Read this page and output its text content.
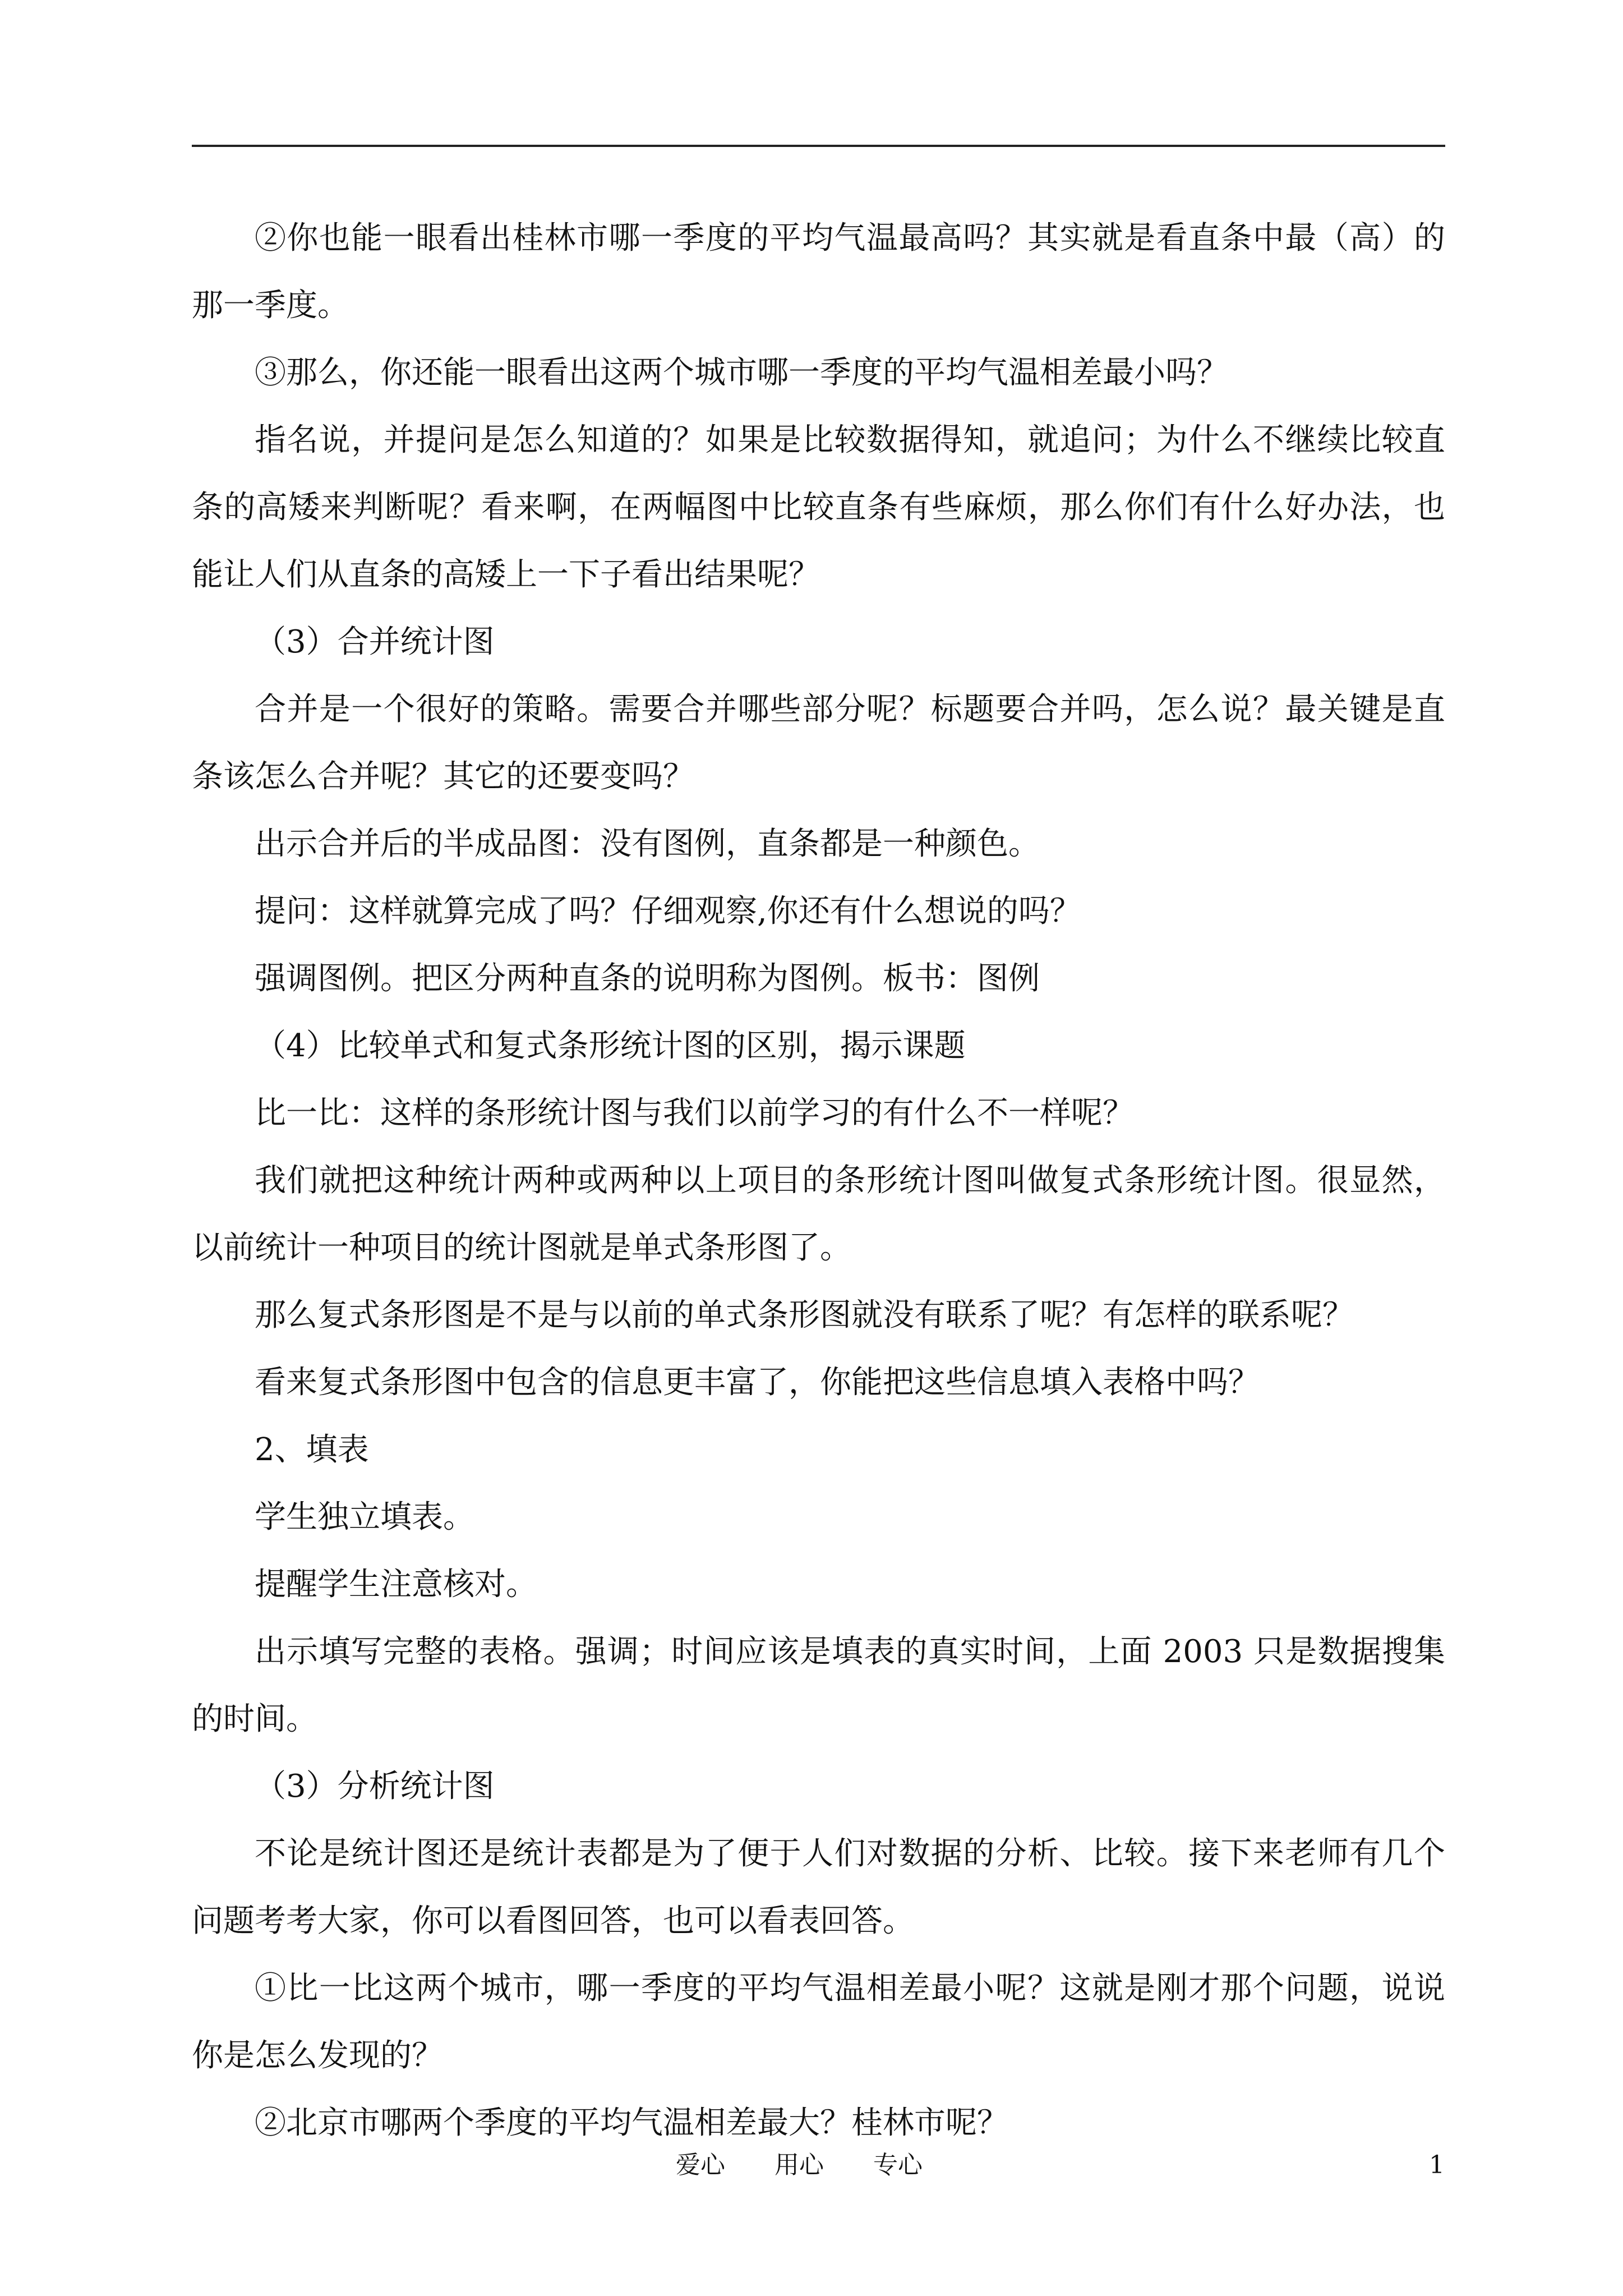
②你也能一眼看出桂林市哪一季度的平均气温最高吗？其实就是看直条中最（高）的那一季度。

③那么，你还能一眼看出这两个城市哪一季度的平均气温相差最小吗？

指名说，并提问是怎么知道的？如果是比较数据得知，就追问；为什么不继续比较直条的高矮来判断呢？看来啊，在两幅图中比较直条有些麻烦，那么你们有什么好办法，也能让人们从直条的高矮上一下子看出结果呢？

（3）合并统计图

合并是一个很好的策略。需要合并哪些部分呢？标题要合并吗，怎么说？最关键是直条该怎么合并呢？其它的还要变吗？

出示合并后的半成品图：没有图例，直条都是一种颜色。

提问：这样就算完成了吗？仔细观察,你还有什么想说的吗？

强调图例。把区分两种直条的说明称为图例。板书：图例

（4）比较单式和复式条形统计图的区别，揭示课题

比一比：这样的条形统计图与我们以前学习的有什么不一样呢？

我们就把这种统计两种或两种以上项目的条形统计图叫做复式条形统计图。很显然，以前统计一种项目的统计图就是单式条形图了。

那么复式条形图是不是与以前的单式条形图就没有联系了呢？有怎样的联系呢？

看来复式条形图中包含的信息更丰富了，你能把这些信息填入表格中吗？

2、填表

学生独立填表。

提醒学生注意核对。

出示填写完整的表格。强调；时间应该是填表的真实时间，上面 2003 只是数据搜集的时间。

（3）分析统计图

不论是统计图还是统计表都是为了便于人们对数据的分析、比较。接下来老师有几个问题考考大家，你可以看图回答，也可以看表回答。

①比一比这两个城市，哪一季度的平均气温相差最小呢？这就是刚才那个问题，说说你是怎么发现的？

②北京市哪两个季度的平均气温相差最大？桂林市呢？

爱心 用心 专心	1
